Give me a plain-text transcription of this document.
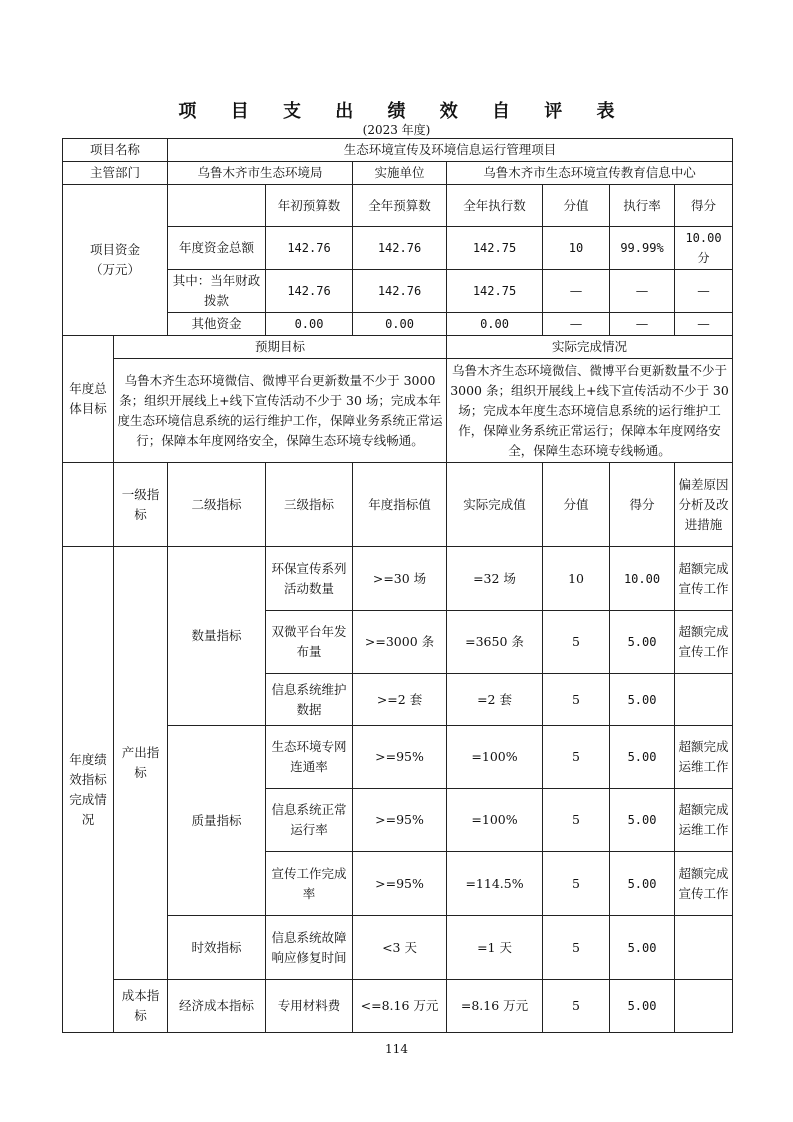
项 目 支 出 绩 效 自 评 表
(2023 年度)
项目名称		生态环境宣传及环境信息运行管理项目						
主管部门		乌鲁木齐市生态环境局		实施单位	乌鲁木齐市生态环境宣传教育信息中心			
项目资金
（万元）			年初预算数	全年预算数	全年执行数	分值	执行率	得分
		年度资金总额	142.76	142.76	142.75	10	99.99%	10.00 分
		其中：当年财政拨款	142.76	142.76	142.75	—	—	—
		其他资金	0.00	0.00	0.00	—	—	—
年度总体目标	预期目标				实际完成情况			
	乌鲁木齐生态环境微信、微博平台更新数量不少于 3000 条；组织开展线上+线下宣传活动不少于 30 场；完成本年度生态环境信息系统的运行维护工作，保障业务系统正常运行；保障本年度网络安全，保障生态环境专线畅通。				乌鲁木齐生态环境微信、微博平台更新数量不少于 3000 条；组织开展线上+线下宣传活动不少于 30 场；完成本年度生态环境信息系统的运行维护工作，保障业务系统正常运行；保障本年度网络安全，保障生态环境专线畅通。			
	一级指标	二级指标	三级指标	年度指标值	实际完成值	分值	得分	偏差原因分析及改进措施
年度绩效指标完成情况	产出指标	数量指标	环保宣传系列活动数量	>=30 场	=32 场	10	10.00	超额完成宣传工作
			双微平台年发布量	>=3000 条	=3650 条	5	5.00	超额完成宣传工作
			信息系统维护数据	>=2 套	=2 套	5	5.00	
		质量指标	生态环境专网连通率	>=95%	=100%	5	5.00	超额完成运维工作
			信息系统正常运行率	>=95%	=100%	5	5.00	超额完成运维工作
			宣传工作完成率	>=95%	=114.5%	5	5.00	超额完成宣传工作
		时效指标	信息系统故障响应修复时间	<3 天	=1 天	5	5.00	
	成本指标	经济成本指标	专用材料费	<=8.16 万元	=8.16 万元	5	5.00	
114
